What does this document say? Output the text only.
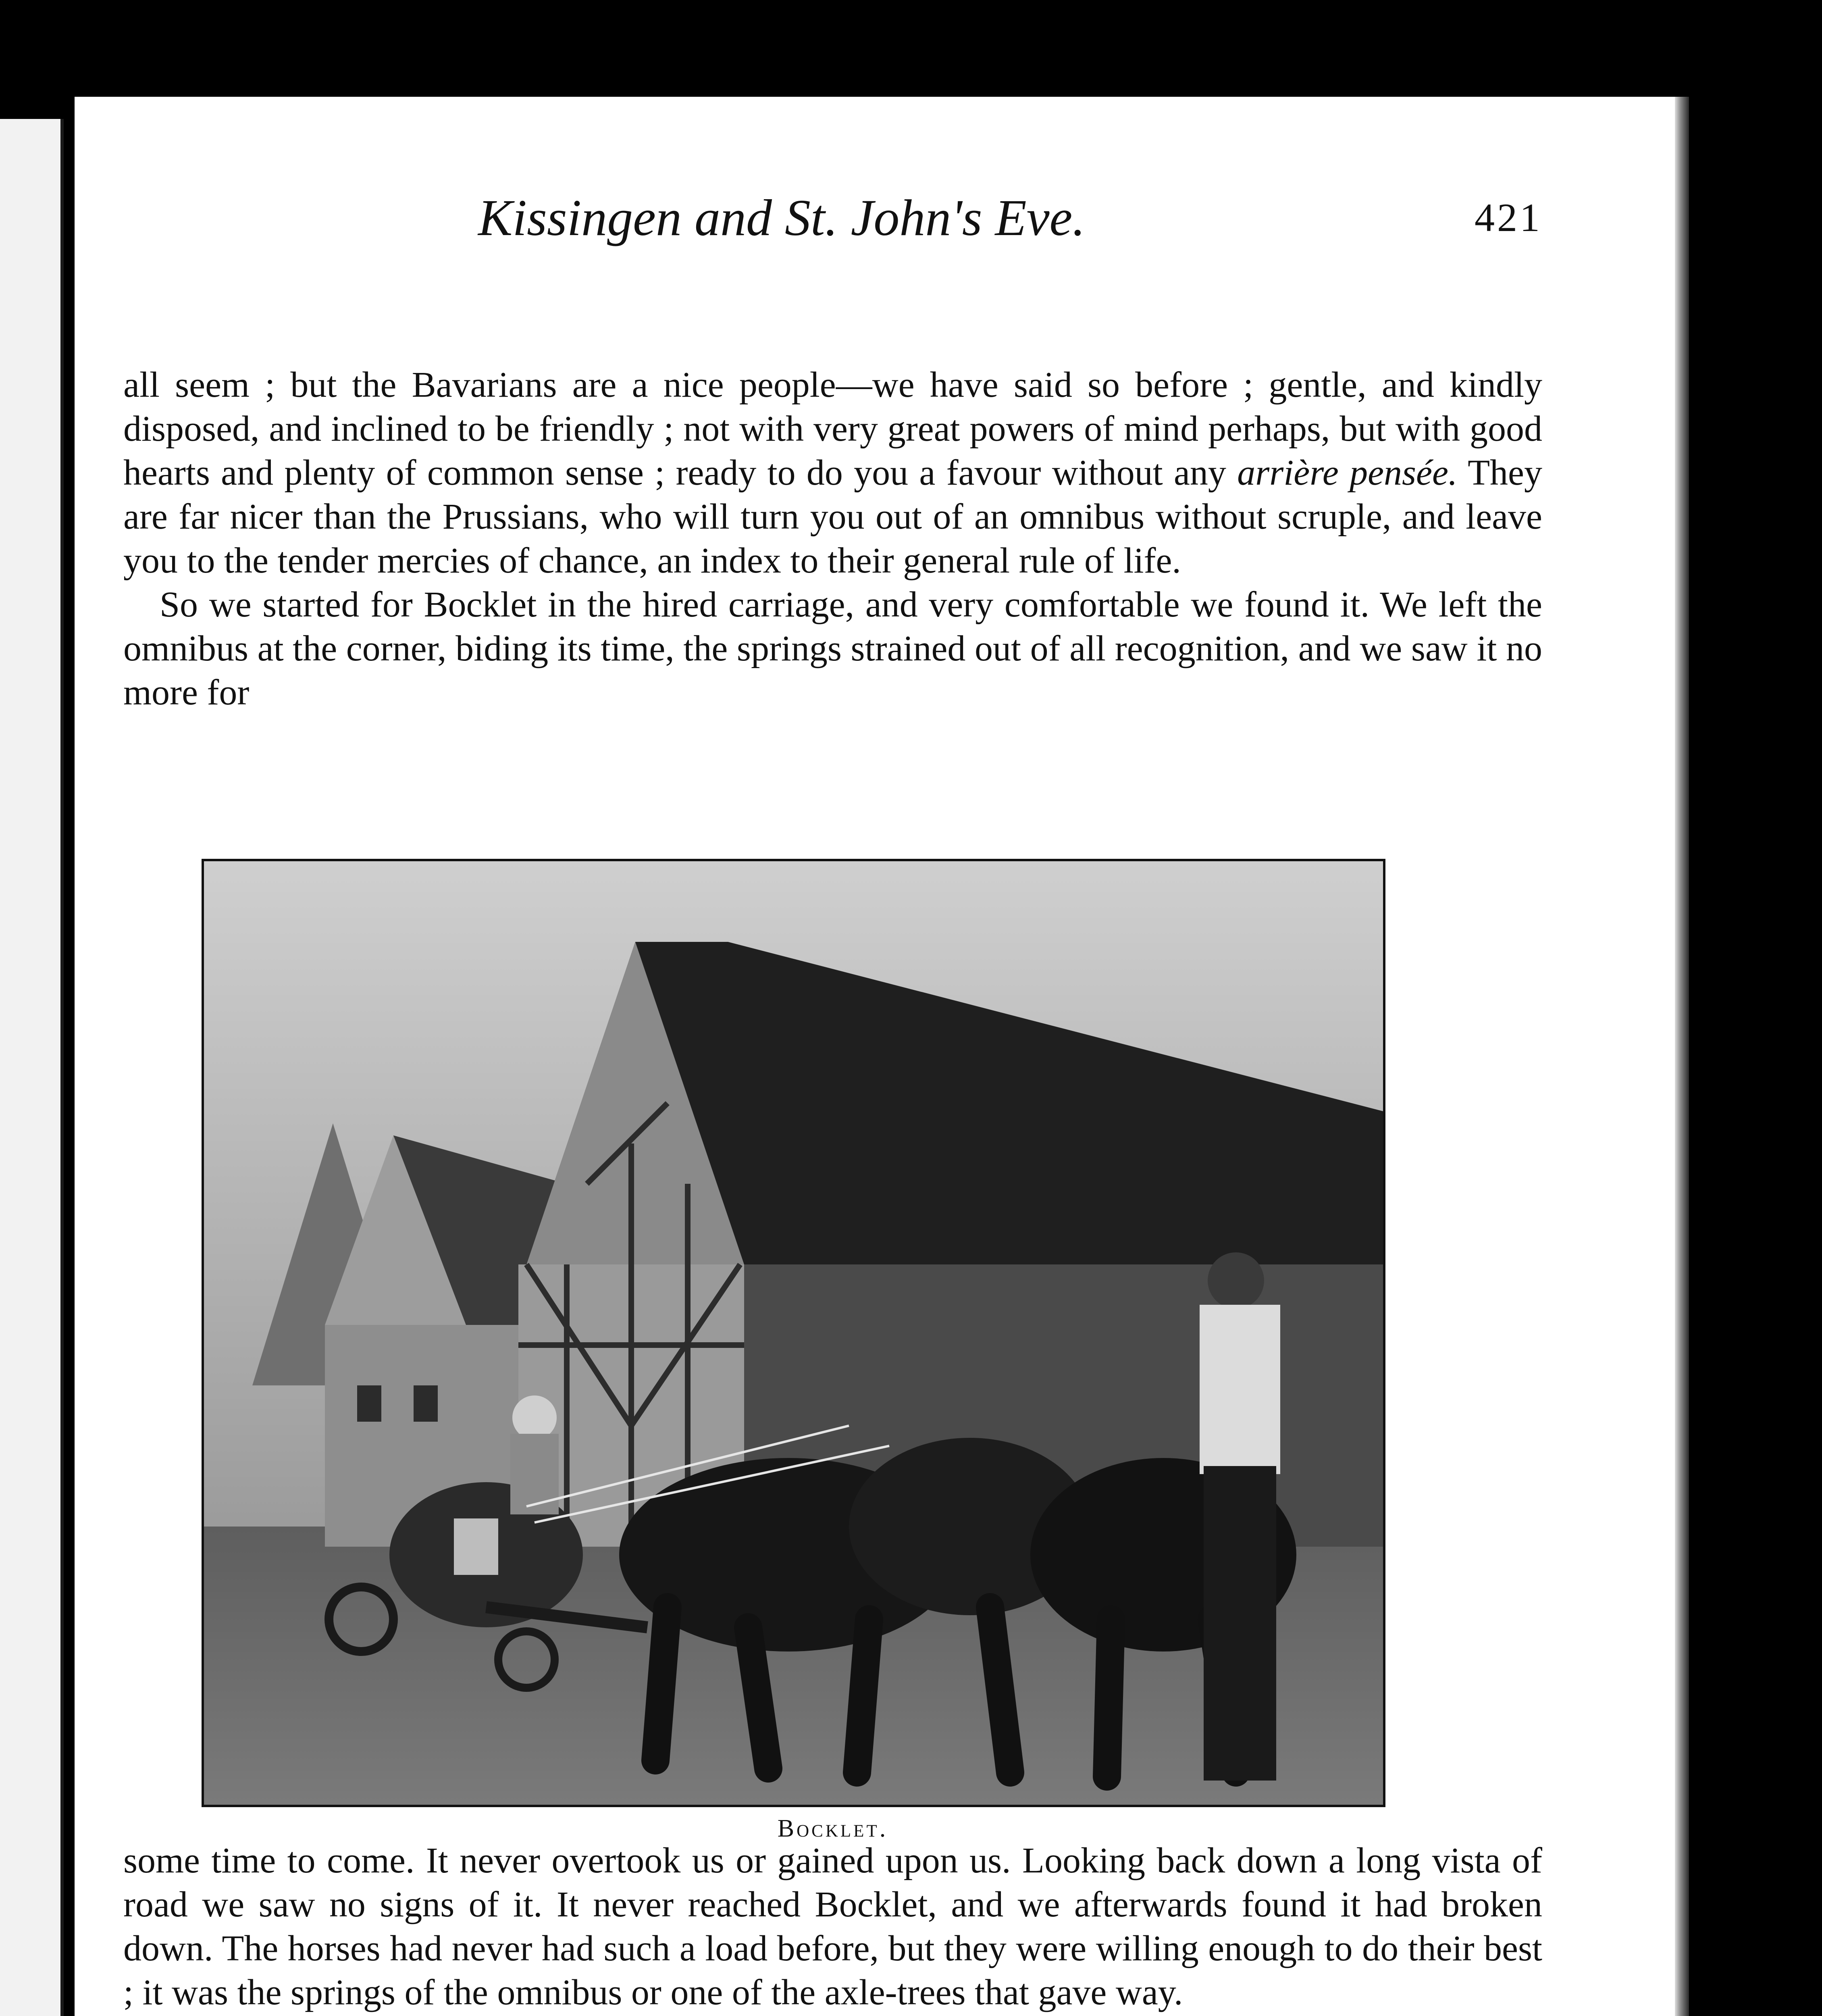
Kissingen and St. John's Eve.	421

all seem ; but the Bavarians are a nice people—we have said so before ; gentle, and kindly disposed, and inclined to be friendly ; not with very great powers of mind perhaps, but with good hearts and plenty of common sense ; ready to do you a favour without any arrière pensée. They are far nicer than the Prussians, who will turn you out of an omnibus without scruple, and leave you to the tender mercies of chance, an index to their general rule of life.

So we started for Bocklet in the hired carriage, and very comfortable we found it. We left the omnibus at the corner, biding its time, the springs strained out of all recognition, and we saw it no more for

Bocklet.

some time to come. It never overtook us or gained upon us. Looking back down a long vista of road we saw no signs of it. It never reached Bocklet, and we afterwards found it had broken down. The horses had never had such a load before, but they were willing enough to do their best ; it was the springs of the omnibus or one of the axle-trees that gave way.
